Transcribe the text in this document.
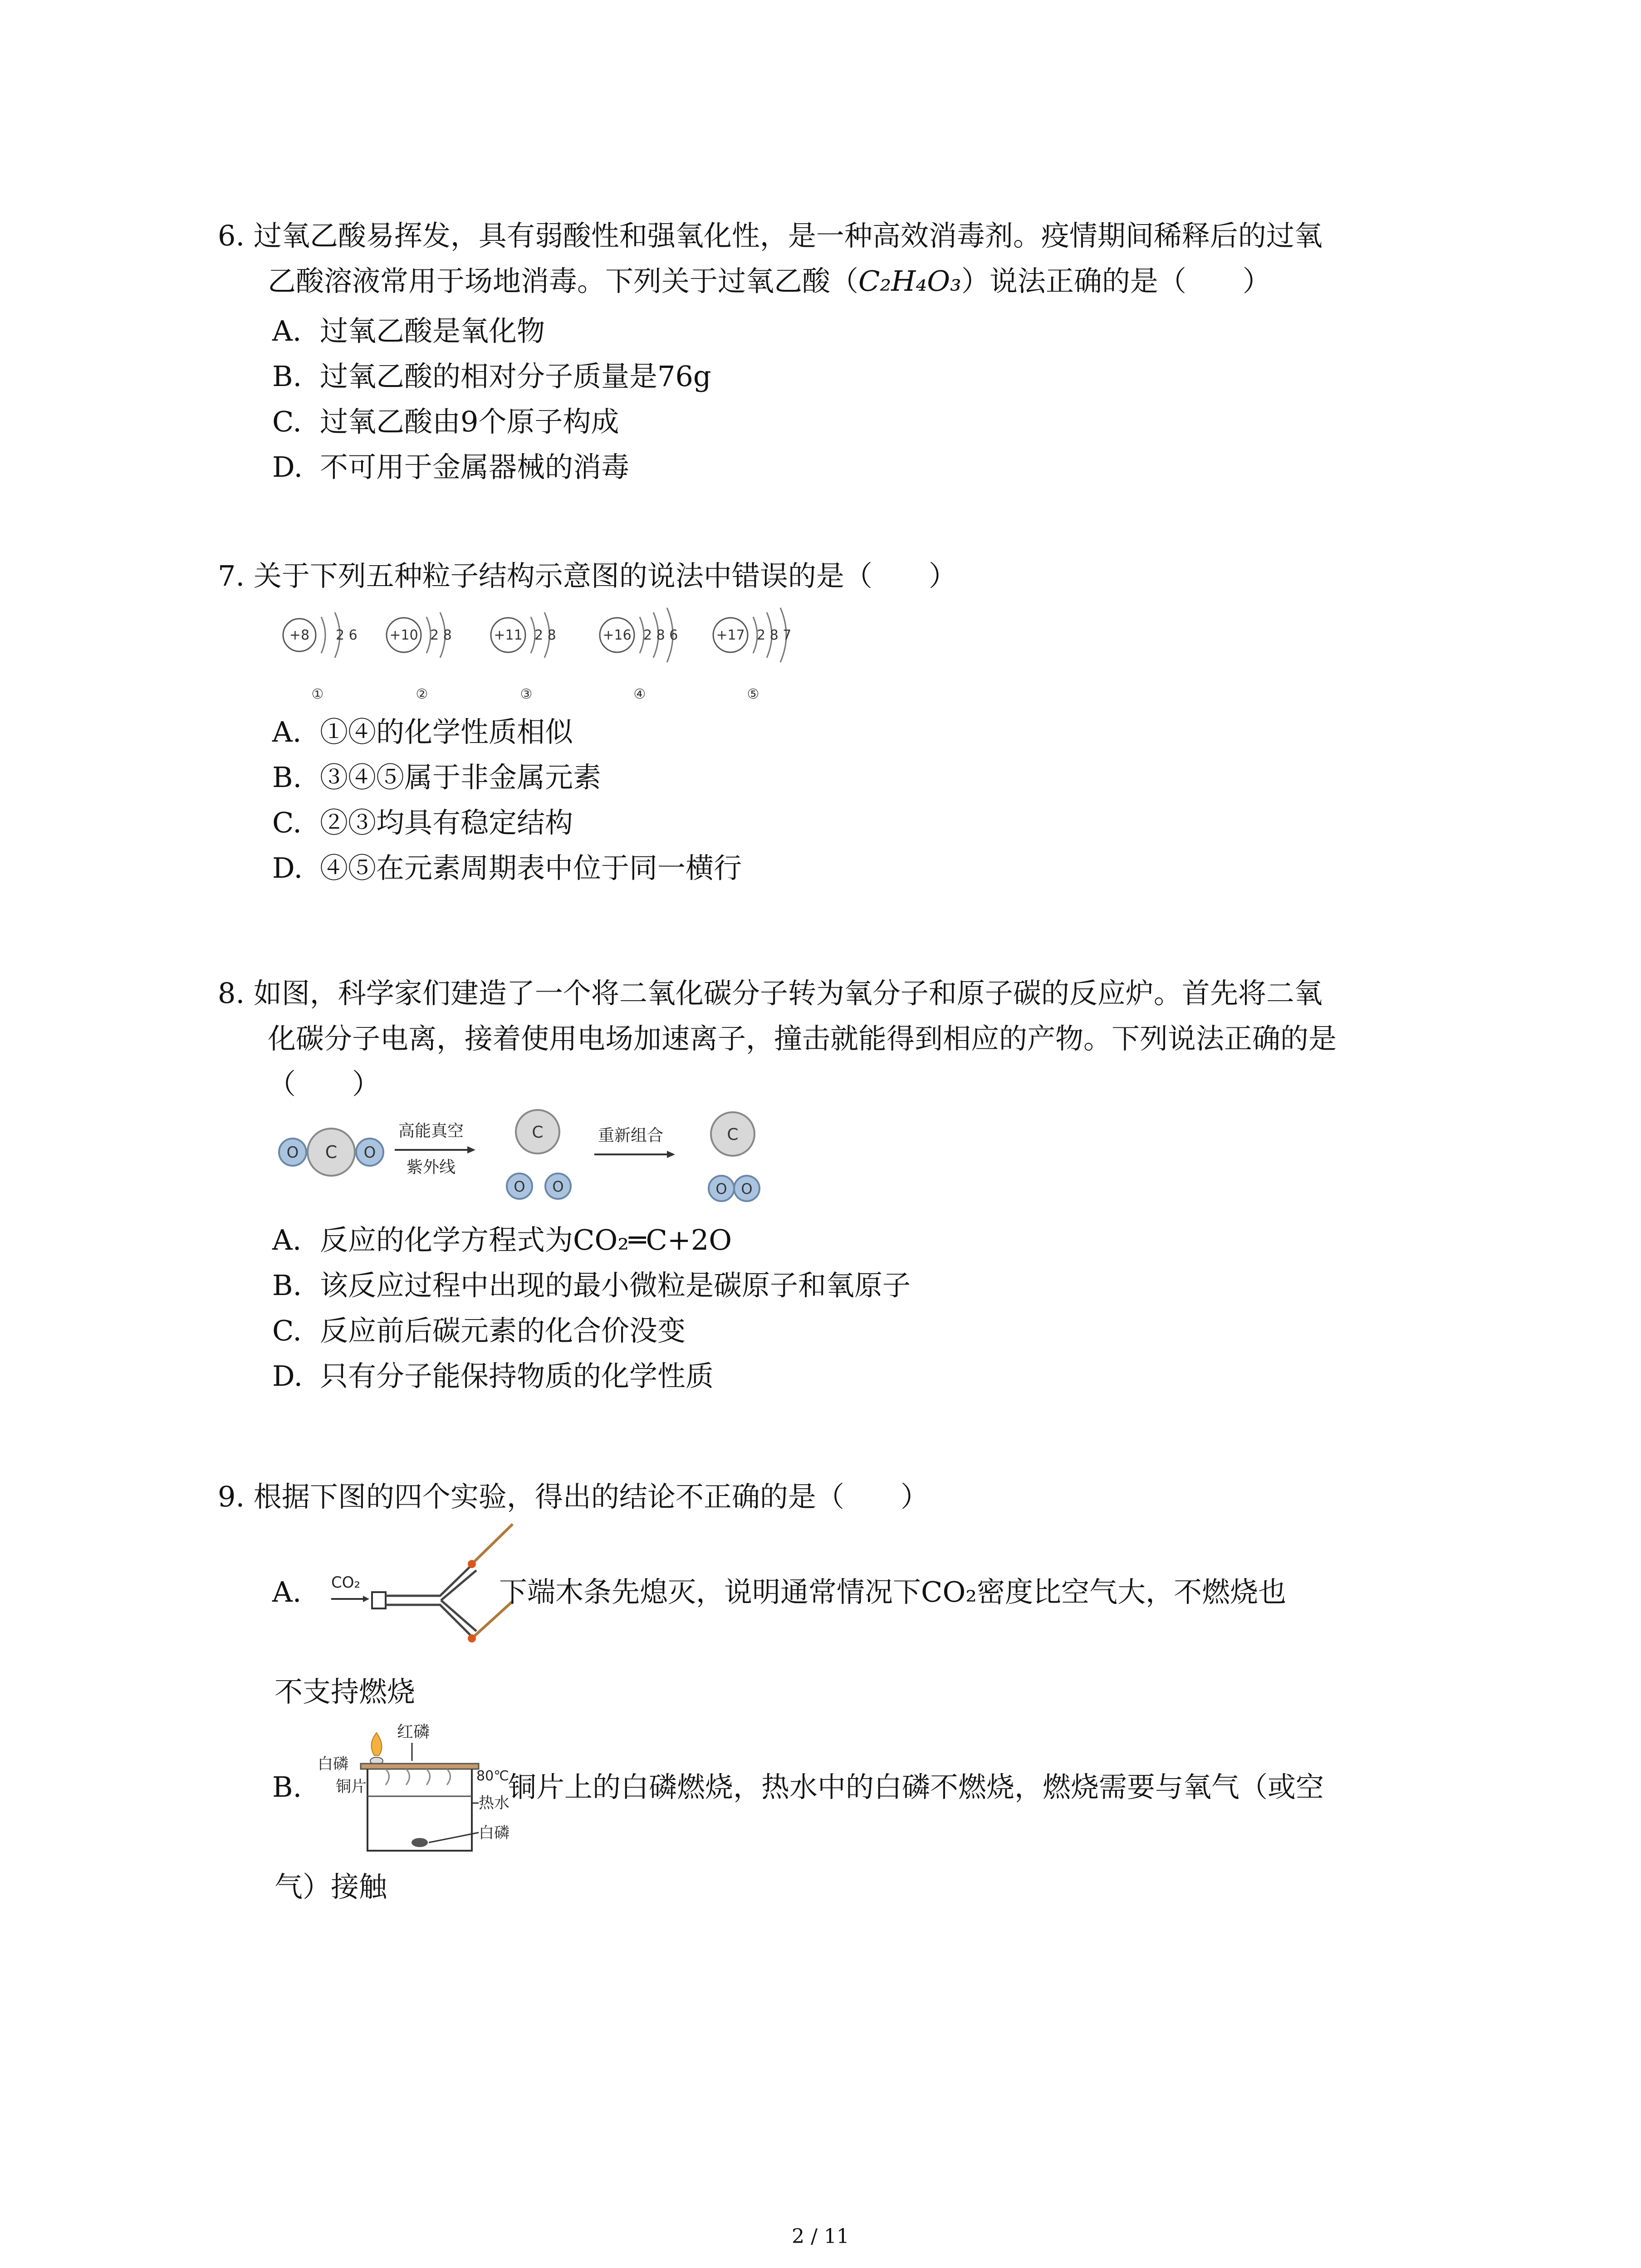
6. 过氧乙酸易挥发，具有弱酸性和强氧化性，是一种高效消毒剂。疫情期间稀释后的过氧
乙酸溶液常用于场地消毒。下列关于过氧乙酸（C₂H₄O₃）说法正确的是（　　）
A. 过氧乙酸是氧化物
B. 过氧乙酸的相对分子质量是76g
C. 过氧乙酸由9个原子构成
D. 不可用于金属器械的消毒
7. 关于下列五种粒子结构示意图的说法中错误的是（　　）
+8 2 6
①
+10 2 8
②
+11 2 8
③
+16 2 8 6
④
+17 2 8 7
⑤
A. ①④的化学性质相似
B. ③④⑤属于非金属元素
C. ②③均具有稳定结构
D. ④⑤在元素周期表中位于同一横行
8. 如图，科学家们建造了一个将二氧化碳分子转为氧分子和原子碳的反应炉。首先将二氧
化碳分子电离，接着使用电场加速离子，撞击就能得到相应的产物。下列说法正确的是
（　　）
O C O
高能真空
紫外线
C
O O
重新组合	C
O O
A. 反应的化学方程式为CO₂═C+2O
B. 该反应过程中出现的最小微粒是碳原子和氧原子
C. 反应前后碳元素的化合价没变
D. 只有分子能保持物质的化学性质
9. 根据下图的四个实验，得出的结论不正确的是（　　）
A. CO₂	下端木条先熄灭，说明通常情况下CO₂密度比空气大，不燃烧也
不支持燃烧
B.
红磷
白磷
铜片
80℃
热水
白磷
铜片上的白磷燃烧，热水中的白磷不燃烧，燃烧需要与氧气（或空
气）接触
2 / 11
